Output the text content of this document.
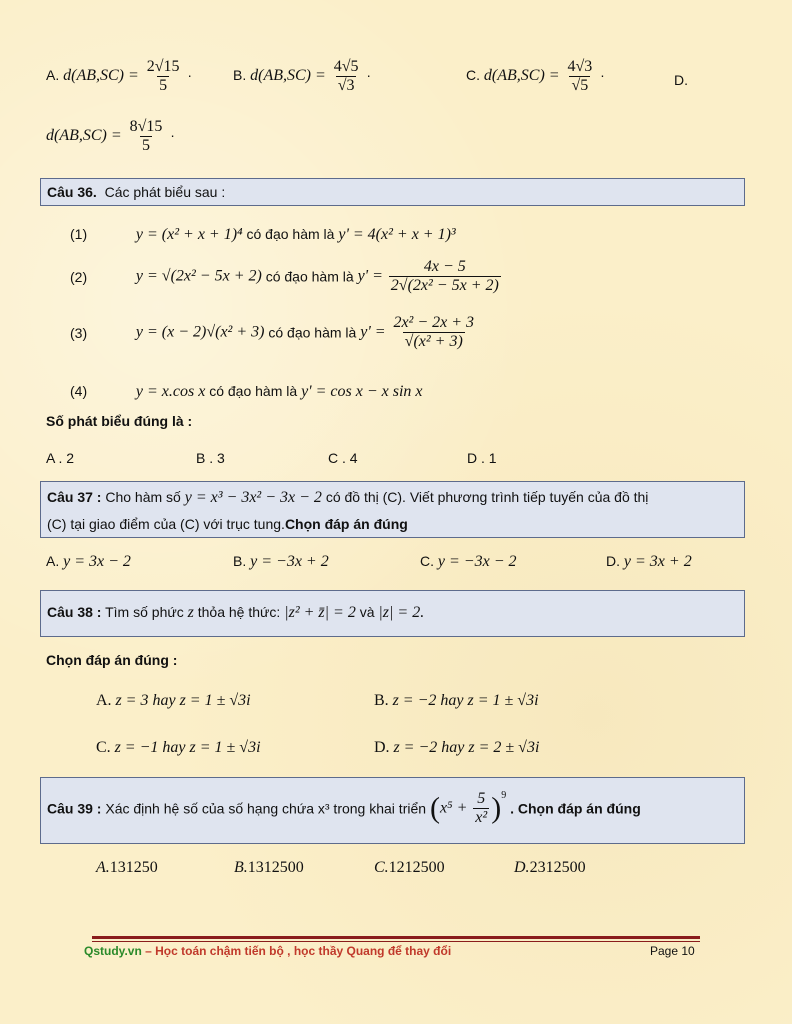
A. $d(AB,SC) = \frac{2√15}{5}$ ·	B. $d(AB,SC) = \frac{4√5}{√3}$ ·	C. $d(AB,SC) = \frac{4√3}{√5}$ ·	D.
$d(AB,SC) = \frac{8√15}{5}$ ·
Câu 36. Các phát biểu sau :
(1)	y = (x² + x + 1)⁴ có đạo hàm là y' = 4(x² + x + 1)³
(2)	y = √(2x² − 5x + 2) có đạo hàm là $y' = \frac{4x - 5}{\text{2√(2x² − 5x + 2)}}$
(3)	y = (x − 2)√(x² + 3) có đạo hàm là $y' = \frac{\text{2x² − 2x + 3}}{\text{√(x² + 3)}}$
(4)	y = x.cos x có đạo hàm là y' = cos x − x sin x
Số phát biểu đúng là :
A . 2	B . 3	C . 4	D . 1
Câu 37 : Cho hàm số y = x³ − 3x² − 3x − 2 có đồ thị (C). Viết phương trình tiếp tuyến của đồ thị
(C) tại giao điểm của (C) với trục tung.Chọn đáp án đúng
A. y = 3x − 2	B. y = −3x + 2	C. y = −3x − 2	D. y = 3x + 2
Câu 38 : Tìm số phức z thỏa hệ thức: |z² + z̄| = 2 và |z| = 2.
Chọn đáp án đúng :
A. z = 3 hay z = 1 ± √3i	B. z = −2 hay z = 1 ± √3i
C. z = −1 hay z = 1 ± √3i	D. z = −2 hay z = 2 ± √3i
Câu 39 : Xác định hệ số của số hạng chứa x³ trong khai triển $(x^5 + \frac{5}{\text{x²}} )^9$ . Chọn đáp án đúng
A.131250	B.1312500	C.1212500	D.2312500
Qstudy.vn – Học toán chậm tiến bộ , học thầy Quang để thay đổi	Page 10
